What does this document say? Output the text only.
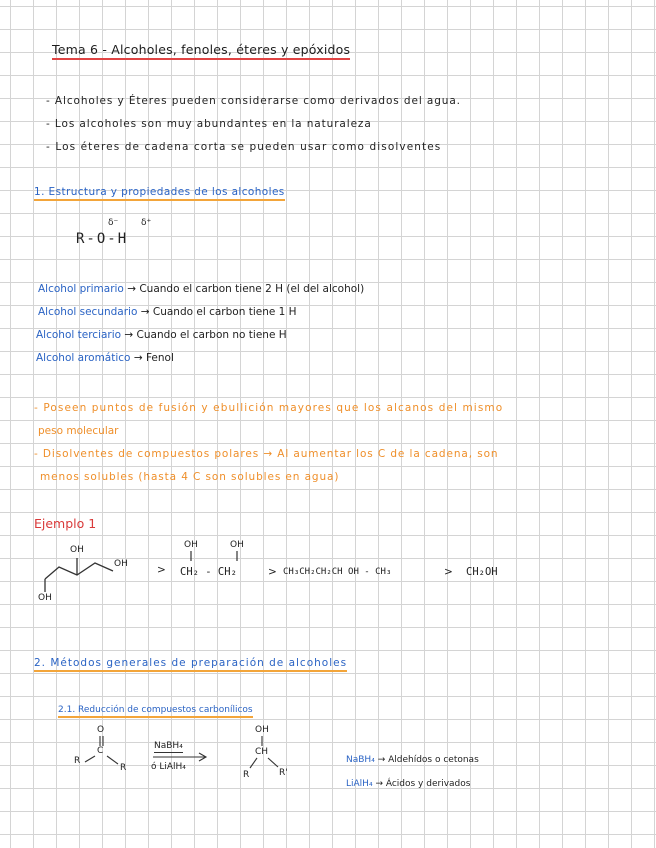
Tema 6 - Alcoholes, fenoles, éteres y epóxidos
- Alcoholes y Éteres pueden considerarse como derivados del agua.
- Los alcoholes son muy abundantes en la naturaleza
- Los éteres de cadena corta se pueden usar como disolventes
1. Estructura y propiedades de los alcoholes
R-O-H
δ⁻	δ⁺
Alcohol primario → Cuando el carbon tiene 2 H (el del alcohol)
Alcohol secundario → Cuando el carbon tiene 1 H
Alcohol terciario → Cuando el carbon no tiene H
Alcohol aromático → Fenol
- Poseen puntos de fusión y ebullición mayores que los alcanos del mismo
peso molecular
- Disolventes de compuestos polares → Al aumentar los C de la cadena, son
menos solubles (hasta 4 C son solubles en agua)
Ejemplo 1
OH
OH
OH
OH	OH
> CH₂ - CH₂	> CH₃CH₂CH₂CH OH - CH₃	> CH₂OH
2. Métodos generales de preparación de alcoholes
2.1. Reducción de compuestos carbonílicos
O
C
R
R
NaBH₄
ó LiAlH₄
OH
CH
R	R'
NaBH₄ → Aldehídos o cetonas
LiAlH₄ → Ácidos y derivados
